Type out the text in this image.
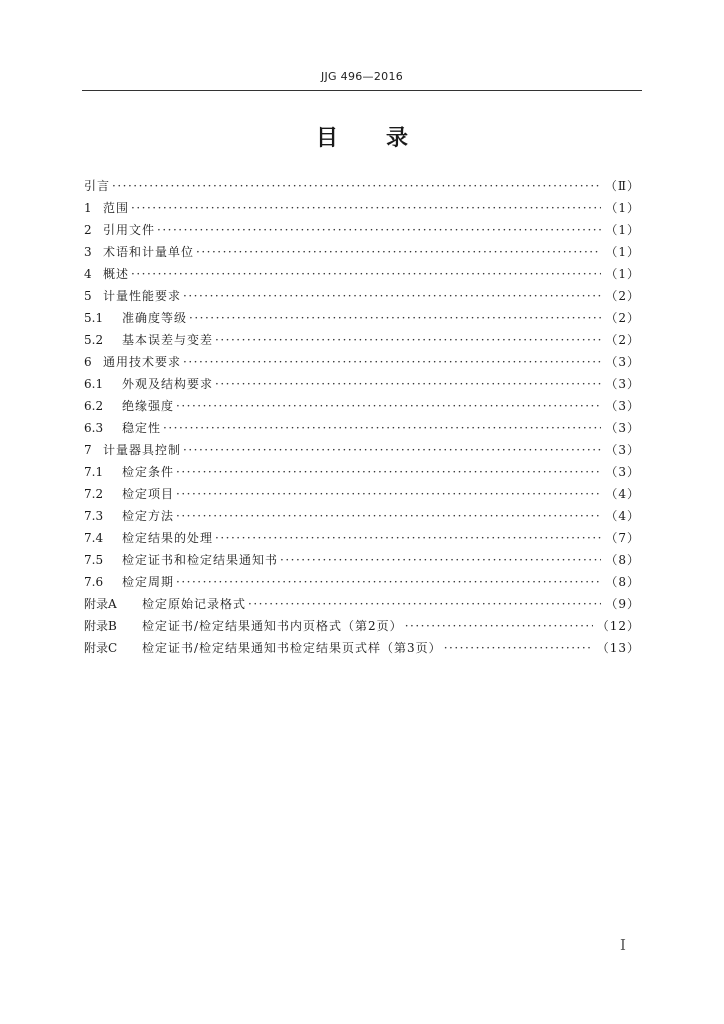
JJG 496—2016
目 录
引言 ·····	（Ⅱ）
1 范围 ·····	（1）
2 引用文件 ·····	（1）
3 术语和计量单位 ·····	（1）
4 概述 ·····	（1）
5 计量性能要求 ·····	（2）
5.1	准确度等级 ·····	（2）
5.2	基本误差与变差 ·····	（2）
6 通用技术要求 ·····	（3）
6.1	外观及结构要求 ·····	（3）
6.2	绝缘强度 ·····	（3）
6.3	稳定性 ·····	（3）
7 计量器具控制 ·····	（3）
7.1	检定条件 ·····	（3）
7.2	检定项目 ·····	（4）
7.3	检定方法 ·····	（4）
7.4	检定结果的处理 ·····	（7）
7.5	检定证书和检定结果通知书 ·····	（8）
7.6	检定周期 ·····	（8）
附录A	检定原始记录格式 ·····	（9）
附录B	检定证书/检定结果通知书内页格式（第2页） ·····	（12）
附录C	检定证书/检定结果通知书检定结果页式样（第3页） ·····	（13）
Ⅰ
